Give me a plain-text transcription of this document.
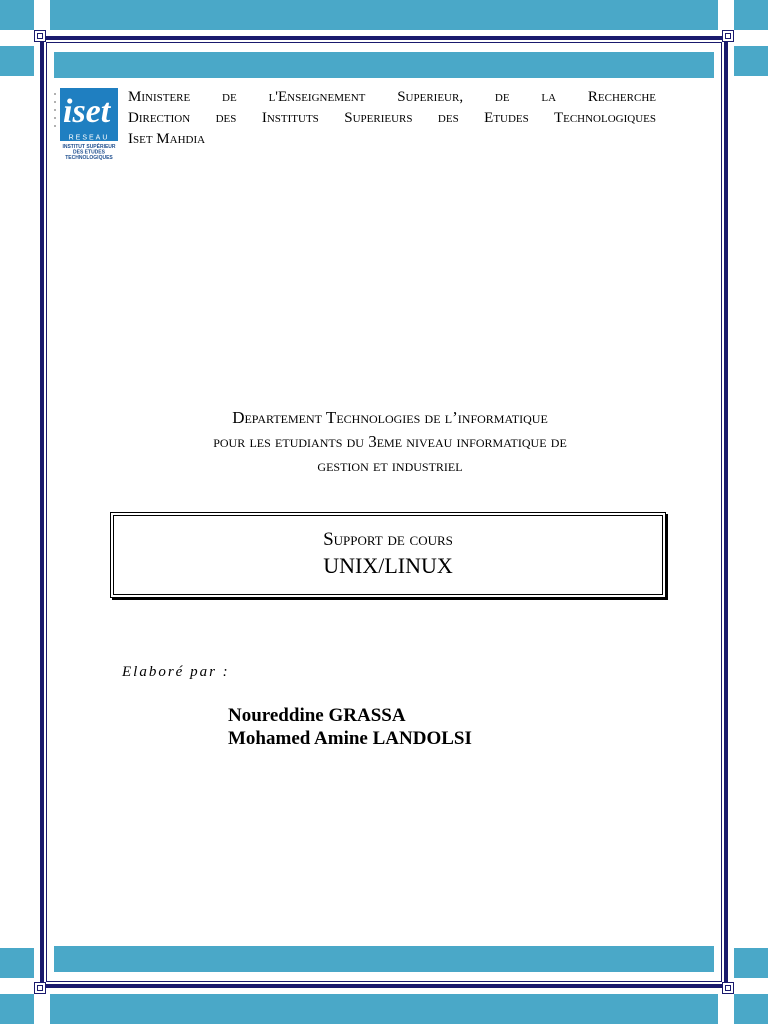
iset
RESEAU
INSTITUT SUPÉRIEUR
DES ETUDES
TECHNOLOGIQUES
Ministere de l'Enseignement Superieur, de la Recherche
Direction des Instituts Superieurs des Etudes Technologiques
Iset Mahdia
Departement Technologies de l’informatique
pour les etudiants du 3eme niveau informatique de
gestion et industriel
Support de cours
UNIX/LINUX
Elaboré par :
Noureddine GRASSA
Mohamed Amine LANDOLSI
